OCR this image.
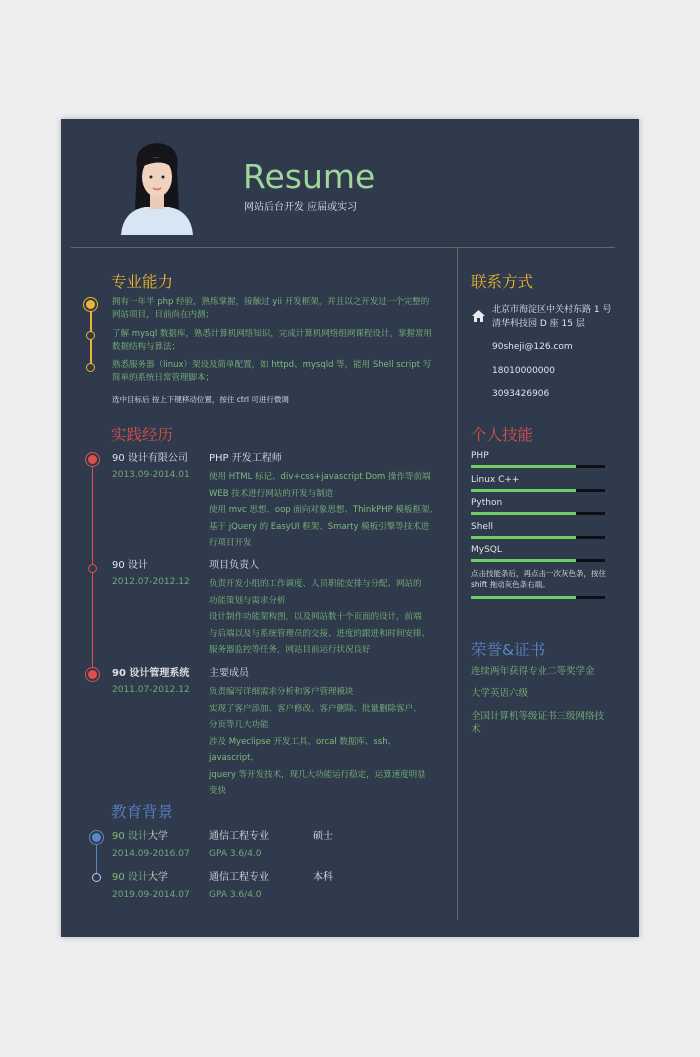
Resume
网站后台开发 应届或实习
专业能力
拥有一年半 php 经验，熟练掌握，接触过 yii 开发框架，并且以之开发过一个完整的网站项目，目前尚在内测；
了解 mysql 数据库，熟悉计算机网络知识，完成计算机网络组网课程设计。掌握常用数据结构与算法；
熟悉服务器（linux）架设及简单配置，如 httpd、mysqld 等，能用 Shell script 写简单的系统日常管理脚本；
选中目标后 按上下键移动位置，按住 ctrl 可进行微调
实践经历
90 设计有限公司
2013.09-2014.01
PHP 开发工程师
使用 HTML 标记、div+css+javascript Dom 操作等前端
WEB 技术进行网站的开发与制造
使用 mvc 思想、oop 面向对象思想、ThinkPHP 模板框架、
基于 jQuery 的 EasyUI 框架、Smarty 模板引擎等技术进
行项目开发
90 设计
2012.07-2012.12
项目负责人
负责开发小组的工作调度、人员职能安排与分配、网站的
功能策划与需求分析
设计制作功能架构图，以及网站数十个页面的设计，前端
与后端以及与系统管理员的交接、进度的跟进和时间安排、
服务器监控等任务，网站目前运行状况良好
90 设计管理系统
2011.07-2012.12
主要成员
负责编写详细需求分析和客户管理模块
实现了客户添加、客户修改、客户删除、批量删除客户、
分页等几大功能
涉及 Myeclipse 开发工具、orcal 数据库、ssh、javascript、
jquery 等开发技术，现几大功能运行稳定，运算速度明显
变快
教育背景
90 设计大学
2014.09-2016.07
通信工程专业
GPA 3.6/4.0
硕士
90 设计大学
2019.09-2014.07
通信工程专业
GPA 3.6/4.0
本科
联系方式
北京市海淀区中关村东路 1 号
清华科技园 D 座 15 层
90sheji@126.com
18010000000
3093426906
个人技能
PHP
Linux C++
Python
Shell
MySQL
点击技能条后，再点击一次灰色条，按住
shift 拖动灰色条右端。
荣誉&证书
连续两年获得专业二等奖学金
大学英语六级
全国计算机等级证书三级网络技
术
